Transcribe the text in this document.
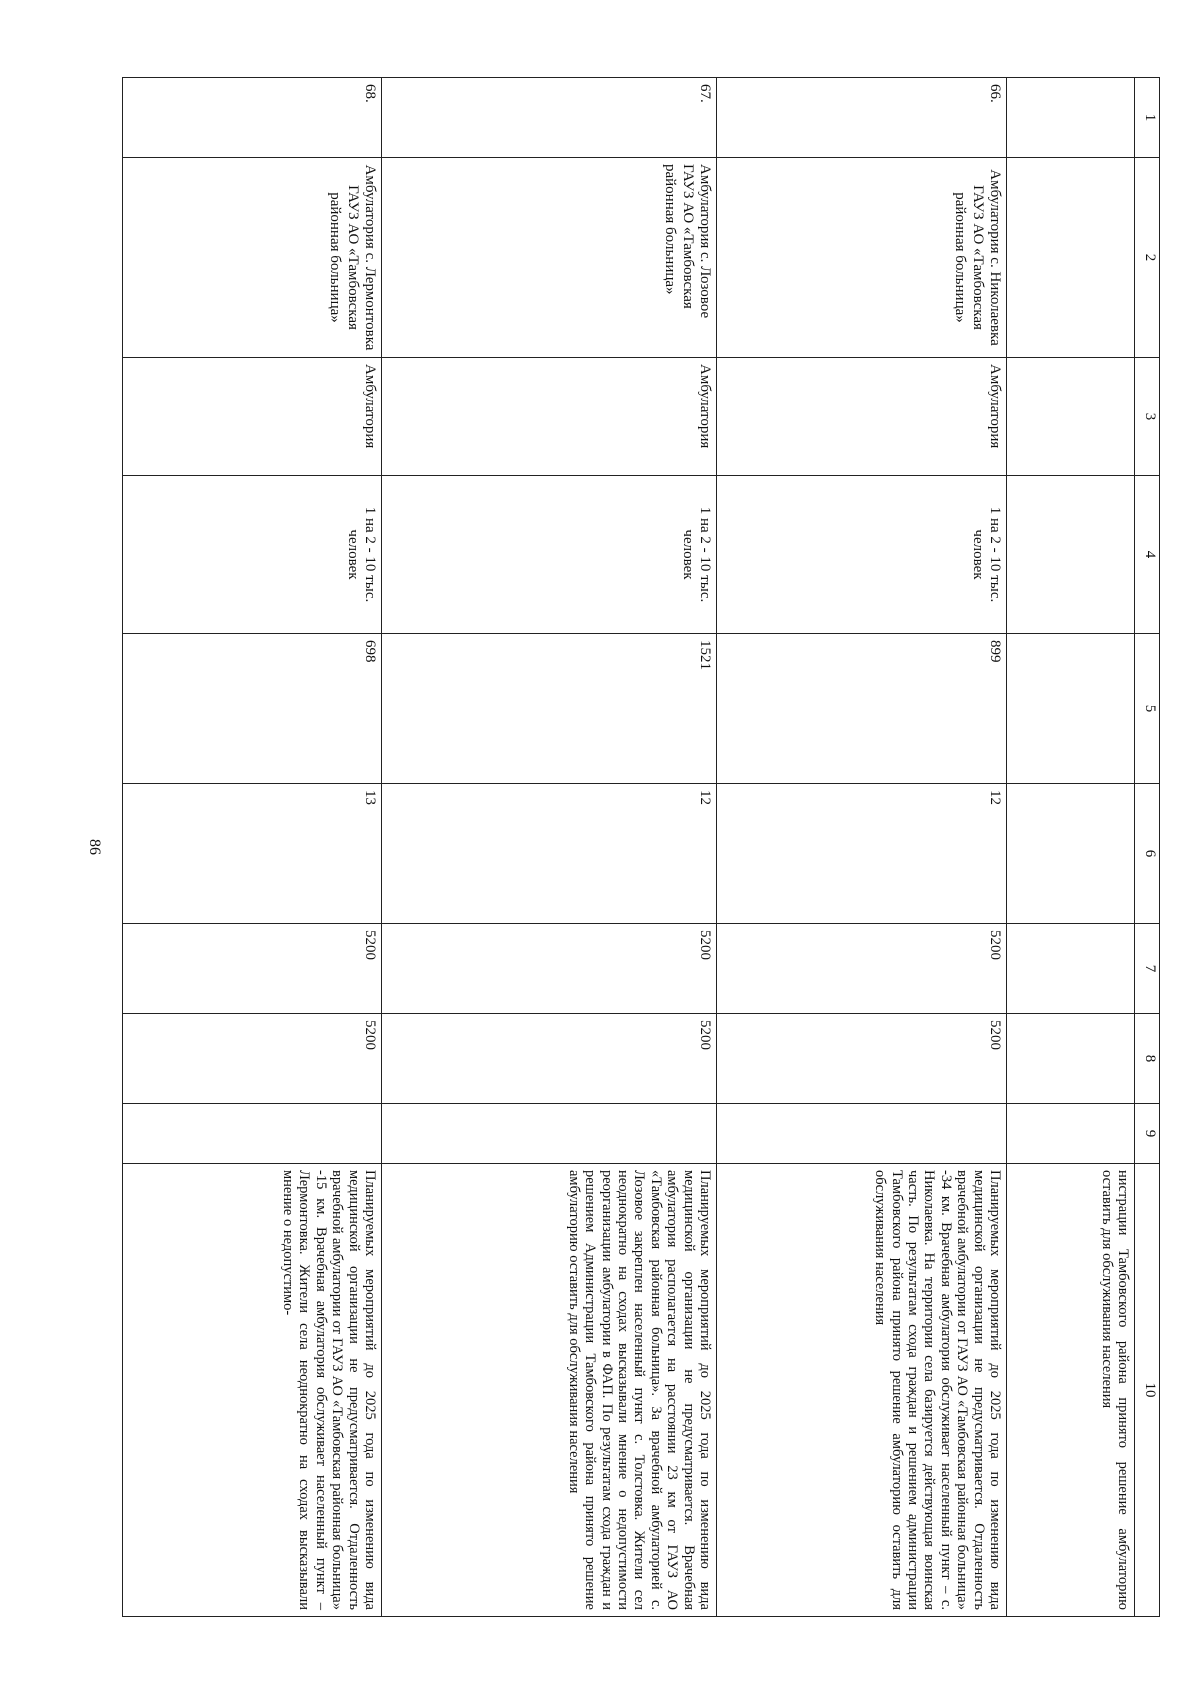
86
1	2	3	4	5	6	7	8	9	10
									нистрации Тамбовского района принято решение амбулаторию оставить для обслуживания населения
66.	Амбулатория с. Николаевка ГАУЗ АО «Тамбовская районная больница»	Амбулатория	1 на 2 - 10 тыс. человек	899	12	5200	5200		Планируемых мероприятий до 2025 года по изменению вида медицинской организации не предусматривается. Отдаленность врачебной амбулатории от ГАУЗ АО «Тамбовская районная больница» -34 км. Врачебная амбулатория обслуживает населенный пункт – с. Николаевка. На территории села базируется действующая воинская часть. По результатам схода граждан и решением администрации Тамбовского района принято решение амбулаторию оставить для обслуживания населения
67.	Амбулатория с. Лозовое ГАУЗ АО «Тамбовская районная больница»	Амбулатория	1 на 2 - 10 тыс. человек	1521	12	5200	5200		Планируемых мероприятий до 2025 года по изменению вида медицинской организации не предусматривается. Врачебная амбулатория располагается на расстоянии 23 км от ГАУЗ АО «Тамбовская районная больница». За врачебной амбулаторией с. Лозовое закреплен населенный пункт с. Толстовка. Жители сел неоднократно на сходах высказывали мнение о недопустимости реорганизации амбулатории в ФАП. По результатам схода граждан и решением Администрации Тамбовского района принято решение амбулаторию оставить для обслуживания населения
68.	Амбулатория с. Лермонтовка ГАУЗ АО «Тамбовская районная больница»	Амбулатория	1 на 2 - 10 тыс. человек	698	13	5200	5200		Планируемых мероприятий до 2025 года по изменению вида медицинской организации не предусматривается. Отдаленность врачебной амбулатории от ГАУЗ АО «Тамбовская районная больница» -15 км. Врачебная амбулатория обслуживает населенный пункт – Лермонтовка. Жители села неоднократно на сходах высказывали мнение о недопустимо-
